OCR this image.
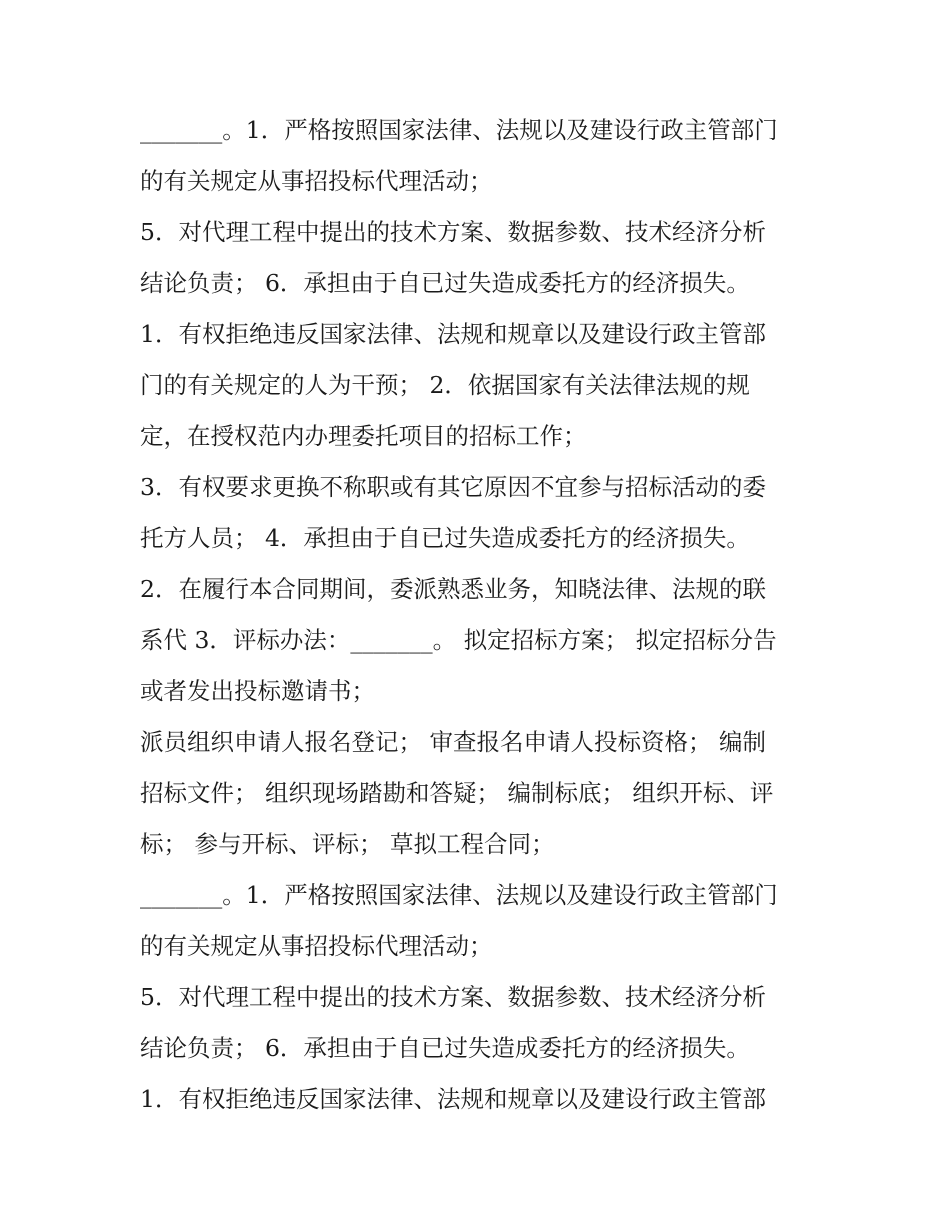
_______。1．严格按照国家法律、法规以及建设行政主管部门
的有关规定从事招投标代理活动；
5．对代理工程中提出的技术方案、数据参数、技术经济分析
结论负责； 6．承担由于自已过失造成委托方的经济损失。
1．有权拒绝违反国家法律、法规和规章以及建设行政主管部
门的有关规定的人为干预； 2．依据国家有关法律法规的规
定，在授权范内办理委托项目的招标工作；
3．有权要求更换不称职或有其它原因不宜参与招标活动的委
托方人员； 4．承担由于自已过失造成委托方的经济损失。
2．在履行本合同期间，委派熟悉业务，知晓法律、法规的联
系代 3．评标办法：_______。 拟定招标方案； 拟定招标分告
或者发出投标邀请书；
派员组织申请人报名登记； 审查报名申请人投标资格； 编制
招标文件； 组织现场踏勘和答疑； 编制标底； 组织开标、评
标； 参与开标、评标； 草拟工程合同；
_______。1．严格按照国家法律、法规以及建设行政主管部门
的有关规定从事招投标代理活动；
5．对代理工程中提出的技术方案、数据参数、技术经济分析
结论负责； 6．承担由于自已过失造成委托方的经济损失。
1．有权拒绝违反国家法律、法规和规章以及建设行政主管部
